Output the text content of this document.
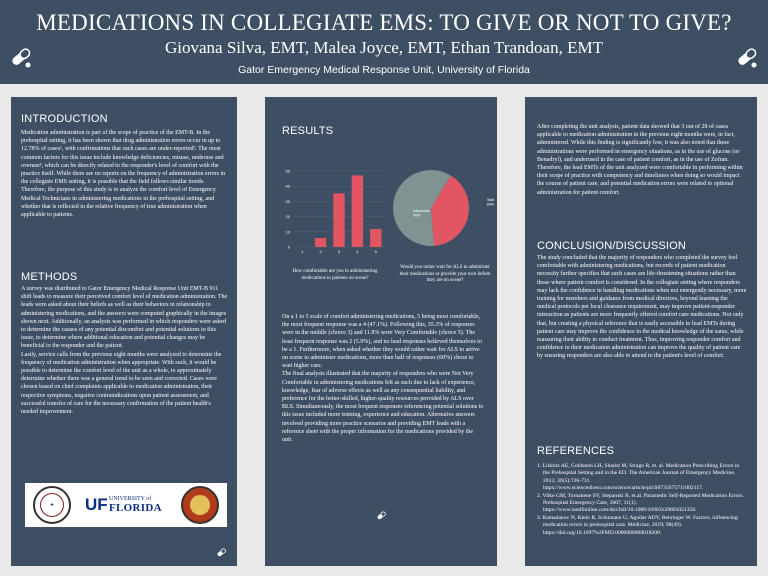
MEDICATIONS IN COLLEGIATE EMS: TO GIVE OR NOT TO GIVE?
Giovana Silva, EMT, Malea Joyce, EMT, Ethan Trandoan, EMT
Gator Emergency Medical Response Unit, University of Florida
INTRODUCTION
Medication administration is part of the scope of practice of the EMT-B. In the prehospital setting, it has been shown that drug administration errors occur in up to 12.78% of cases¹, with confirmations that such cases are under-reported². The most common factors for this issue include knowledge deficiencies, misuse, underuse and overuse³, which can be directly related to the responder's level of comfort with the practice itself. While there are no reports on the frequency of administration errors in the collegiate EMS setting, it is possible that the field follows similar trends. Therefore, the purpose of this study is to analyze the comfort level of Emergency Medical Technicians in administering medications in the prehospital setting, and whether that is reflected in the relative frequency of true administration when applicable to patients.
METHODS
A survey was distributed to Gator Emergency Medical Response Unit EMT-B 911 shift leads to measure their perceived comfort level of medication administration. The leads were asked about their beliefs as well as their behaviors in relationship to administering medications, and the answers were computed graphically in the images shown next. Additionally, an analysis was performed in which responders were asked to determine the causes of any potential discomfort and potential solutions to this issue, to determine where additional education and potential changes may be beneficial to the responder and the patient.
Lastly, service calls from the previous eight months were analyzed to determine the frequency of medication administration when appropriate. With such, it would be possible to determine the comfort level of the unit as a whole, to approximately determine whether there was a general trend to be seen and corrected. Cases were chosen based on chief complaints applicable to medication administration, their respective symptoms, negative contraindications upon patient assessment, and successful transfer of care for the necessary confirmation of the patient health's needed improvement.
✚	UF UNIVERSITY of
FLORIDA
RESULTS
0
10
20
30
40
50
1	2	3	4	5
Administer
40%
Wait
60%
How comfortable are you in administering medications to patients on scene?
Would you rather wait for ALS to administer their medications or provide your own before they are on scene?
On a 1 to 5 scale of comfort administering medications, 5 being most comfortable, the most frequent response was a 4 (47.1%). Following this, 35.3% of responses were in the middle (choice 3) and 11.8% were Very Comfortable (choice 5). The least frequent response was 2 (5.9%), and no lead responses believed themselves to be a 1. Furthermore, when asked whether they would rather wait for ALS to arrive on scene to administer medications, more than half of responses (60%) chose to wait higher care.
The final analysis illustrated that the majority of responders who were Not Very Comfortable in administering medications felt as such due to lack of experience, knowledge, fear of adverse effects as well as any consequential liability, and preference for the better-skilled, higher-quality resources provided by ALS over BLS. Simultaneously, the most frequent responses referencing potential solutions to this issue included more training, experience and education. Alternative answers involved providing more practice scenarios and providing EMT leads with a reference sheet with the proper information for the medications provided by the unit.
After completing the unit analysis, patient data showed that 3 out of 28 of cases applicable to medication administration in the previous eight months were, in fact, administered. While this finding is significantly low, it was also noted that these administrations were performed in emergency situations, as in the use of glucose (or Benadryl), and underused in the case of patient comfort, as in the use of Zofran. Therefore, the lead EMTs of the unit analyzed were comfortable in performing within their scope of practice with competency and timeliness when doing so would impact the course of patient care, and potential medication errors were related to optional administration for patient comfort.
CONCLUSION/DISCUSSION
The study concluded that the majority of responders who completed the survey feel comfortable with administering medications, but records of patient medication necessity further specifies that such cases are life-threatening situations rather than those where patient comfort is considered. In the collegiate setting where responders may lack the confidence in handling medications when not emergently necessary, more training for members and guidance from medical directors, beyond learning the medical protocols per local clearance requirement, may improve patient-responder interaction as patients are more frequently offered comfort care medications. Not only that, but creating a physical reference that is easily accessible to lead EMTs during patient care may improve the confidence in the medical knowledge of the same, while reassuring their ability to conduct treatment. Thus, improving responder comfort and confidence in their medication administration can improve the quality of patient care by ensuring responders are also able to attend to the patient's level of comfort.
REFERENCES
1. Lilshitz AE, Goldstein LH, Sharist M, Strugo R, et. al. Medication Prescribing Errors in the Prehospital Setting and in the ED. The American Journal of Emergency Medicine, 2012; 30(5):726-731. https://www.sciencedirect.com/science/article/pii/S0735675711002117.
2. Vilke GM, Tornabene SV, Stepanski B, et.al. Paramedic Self-Reported Medication Errors. Prehospital Emergency Care, 2007, 11(1). https://www.tandfonline.com/doi/full/10.1080/10903120601021358.
3. Ramadanov N, Klein R, Schumann U, Aguilar ADV, Behringer W. Factors, influencing medication errors in prehospital care. Medicine, 2019; 98(49). https://doi.org/10.1097%2FMD.0000000000018200.
